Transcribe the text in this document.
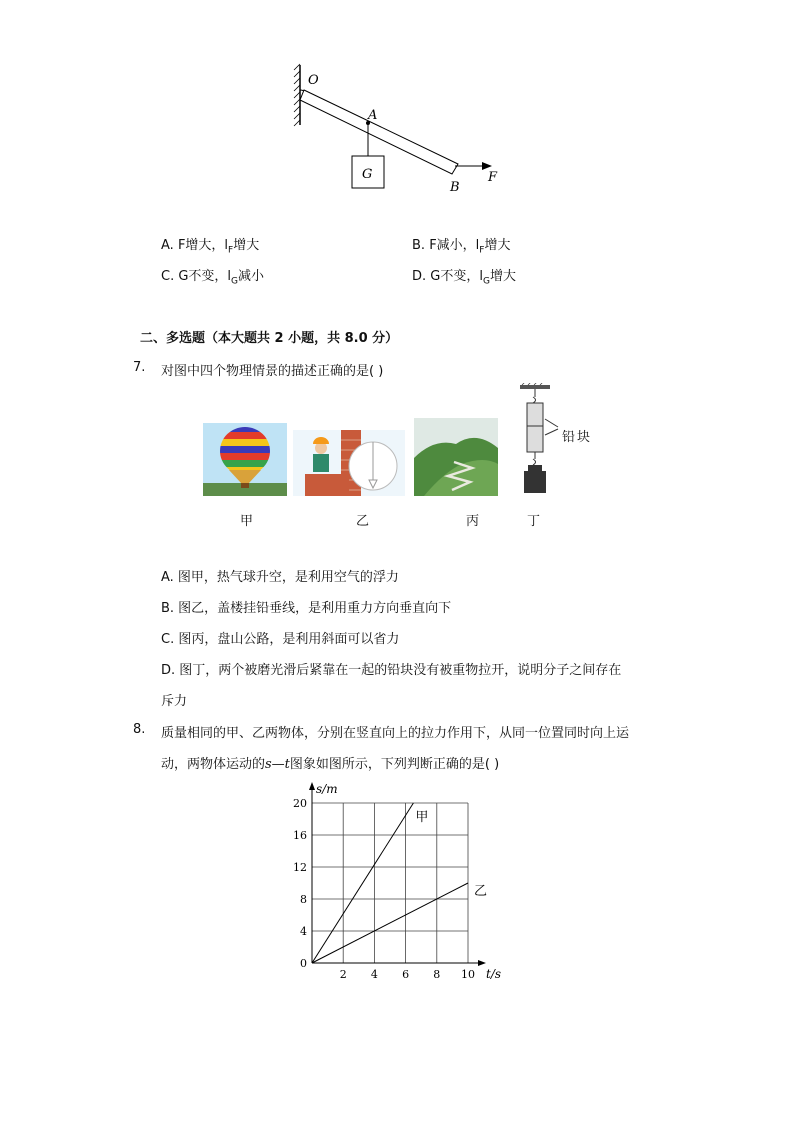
O
A
G
B
F
A. F增大，$l_F$增大	B. F减小，$l_F$增大
C. G不变，$l_G$减小	D. G不变，$l_G$增大
二、多选题（本大题共 2 小题，共 8.0 分）
7. 对图中四个物理情景的描述正确的是( )
铅块
甲	乙	丙	丁
A. 图甲，热气球升空，是利用空气的浮力
B. 图乙，盖楼挂铅垂线，是利用重力方向垂直向下
C. 图丙，盘山公路，是利用斜面可以省力
D. 图丁，两个被磨光滑后紧靠在一起的铅块没有被重物拉开，说明分子之间存在
斥力
8. 质量相同的甲、乙两物体，分别在竖直向上的拉力作用下，从同一位置同时向上运
动，两物体运动的s—t图象如图所示，下列判断正确的是( )
2 4 6 8 10
0
4
8
12
16
20
s/m
t/s
甲
乙
